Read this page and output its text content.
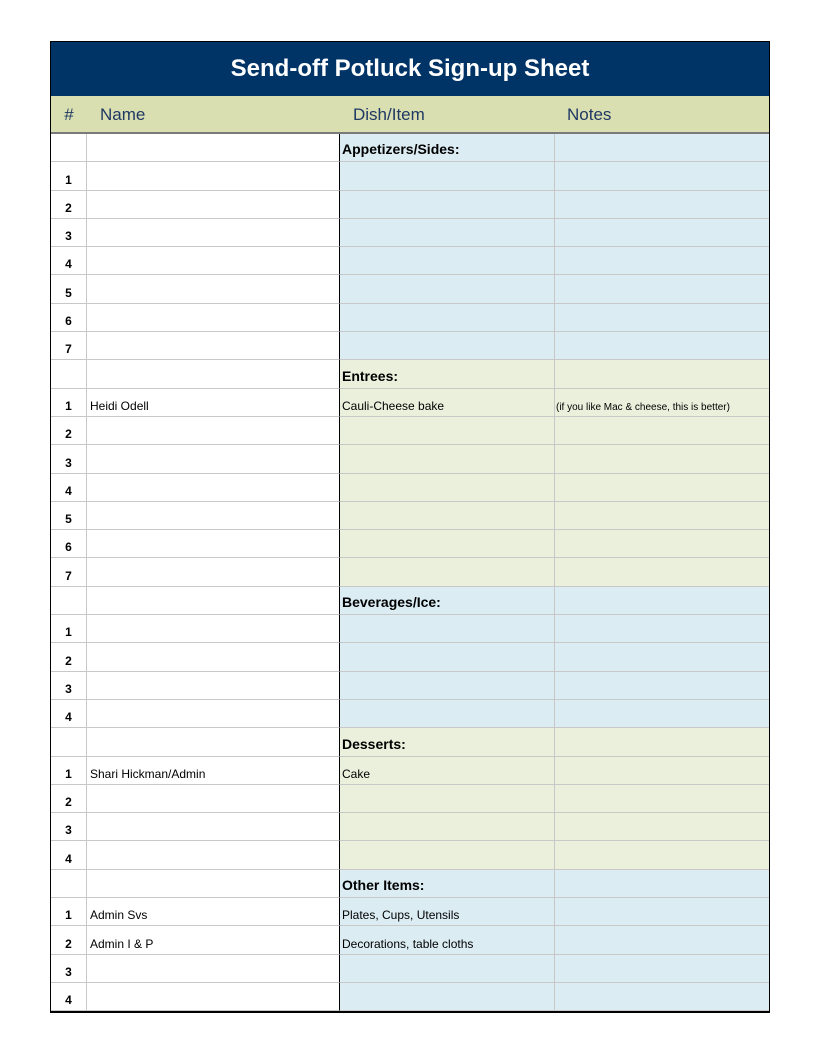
Send-off Potluck Sign-up Sheet
#	Name	Dish/Item	Notes
Appetizers/Sides:
1
2
3
4
5
6
7
Entrees:
1	Heidi Odell	Cauli-Cheese bake	(if you like Mac & cheese, this is better)
2
3
4
5
6
7
Beverages/Ice:
1
2
3
4
Desserts:
1	Shari Hickman/Admin	Cake
2
3
4
Other Items:
1	Admin Svs	Plates, Cups, Utensils
2	Admin I & P	Decorations, table cloths
3
4
